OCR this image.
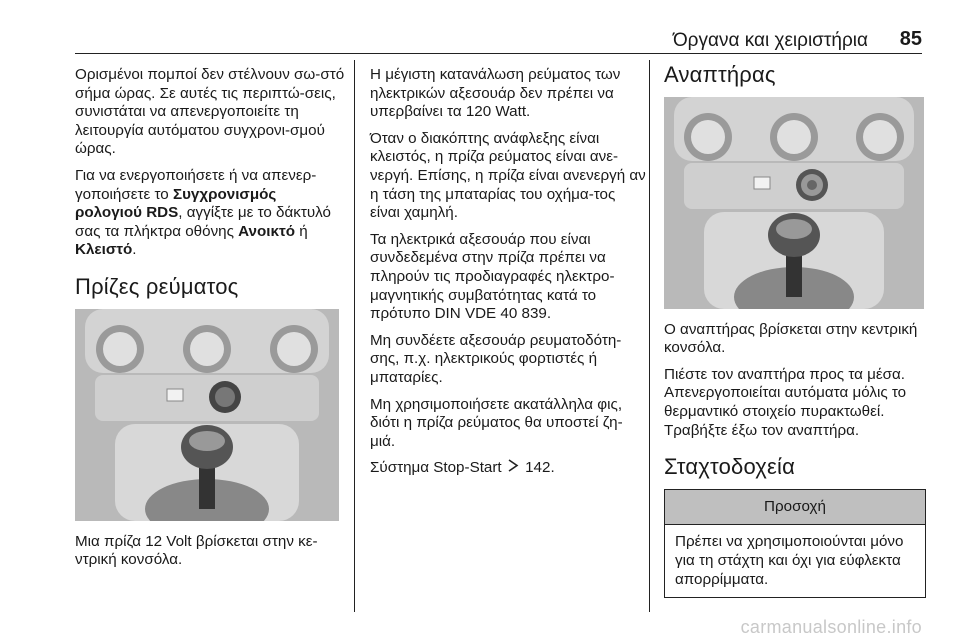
Όργανα και χειριστήρια 85

Ορισμένοι πομποί δεν στέλνουν σω-στό σήμα ώρας. Σε αυτές τις περιπτώ-σεις, συνιστάται να απενεργοποιείτε τη λειτουργία αυτόματου συγχρονι-σμού ώρας.

Για να ενεργοποιήσετε ή να απενερ-γοποιήσετε το Συγχρονισμός ρολογιού RDS, αγγίξτε με το δάκτυλό σας τα πλήκτρα οθόνης Ανοικτό ή Κλειστό.

Πρίζες ρεύματος

Μια πρίζα 12 Volt βρίσκεται στην κε-ντρική κονσόλα.

Η μέγιστη κατανάλωση ρεύματος των ηλεκτρικών αξεσουάρ δεν πρέπει να υπερβαίνει τα 120 Watt.

Όταν ο διακόπτης ανάφλεξης είναι κλειστός, η πρίζα ρεύματος είναι ανε-νεργή. Επίσης, η πρίζα είναι ανενεργή αν η τάση της μπαταρίας του οχήμα-τος είναι χαμηλή.

Τα ηλεκτρικά αξεσουάρ που είναι συνδεδεμένα στην πρίζα πρέπει να πληρούν τις προδιαγραφές ηλεκτρο-μαγνητικής συμβατότητας κατά το πρότυπο DIN VDE 40 839.

Μη συνδέετε αξεσουάρ ρευματοδότη-σης, π.χ. ηλεκτρικούς φορτιστές ή μπαταρίες.

Μη χρησιμοποιήσετε ακατάλληλα φις, διότι η πρίζα ρεύματος θα υποστεί ζη-μιά.

Σύστημα Stop-Start 142.

Αναπτήρας

Ο αναπτήρας βρίσκεται στην κεντρική κονσόλα.

Πιέστε τον αναπτήρα προς τα μέσα. Απενεργοποιείται αυτόματα μόλις το θερμαντικό στοιχείο πυρακτωθεί. Τραβήξτε έξω τον αναπτήρα.

Σταχτοδοχεία
Προσοχή
Πρέπει να χρησιμοποιούνται μόνο για τη στάχτη και όχι για εύφλεκτα απορρίμματα.
carmanualsonline.info
